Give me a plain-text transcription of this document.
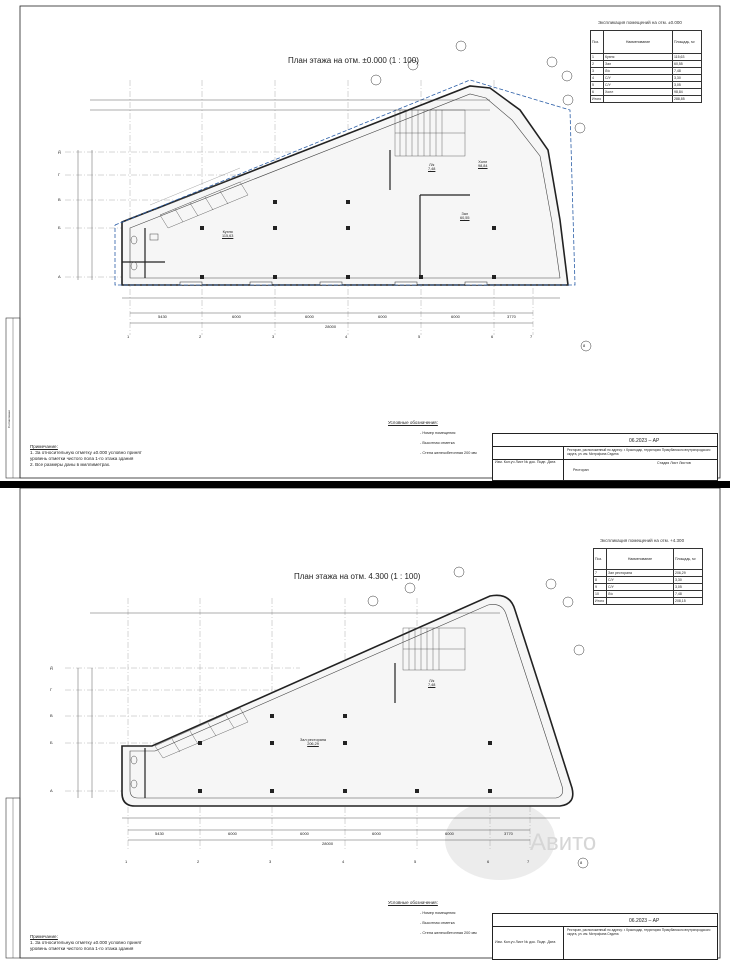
План этажа на отм. ±0.000 (1 : 100)
1	2	3	4	5	6	7
8
А
Б
В
Г
Д
5430	6000	6000	6000	6000	3770
28000
Кухня
115,63
Зал
60,55
Холл
98,84
Л/к
7,48
Экспликация помещений на отм. ±0.000
Поз.	Наименование	Площадь, м²
1	Кухня	115,63
2	Зал	60,55
3	Л/к	7,48
4	С/У	3,30
5	С/У	3,05
6	Холл	98,84
Итого		288,85
Примечание:
1. За относительную отметку ±0.000 условно принят
уровень отметки чистого пола 1-го этажа здания
2. Все размеры даны в миллиметрах.
Условные обозначения:
- Номер помещения
- Высотная отметка
- Стена железобетонная 200 мм
06.2023 – АР
Ресторан, расположенный по адресу: г. Краснодар, территория Прикубанского внутригородского округа, ул. им. Митрофана Седина
Ресторан
Изм. Кол.уч Лист № док. Подп. Дата	Стадия Лист Листов
Согласовано
Авито
План этажа на отм. 4.300 (1 : 100)
1	2	3	4	5	6	7	8
А
Б
В
Г
Д
5430	6000	6000	6000	6000	3770
28000
Зал ресторана
206,29
Л/к
7,48
Экспликация помещений на отм. +4.300
Поз.	Наименование	Площадь, м²
7	Зал ресторана	206,29
8	С/У	3,30
9	С/У	3,05
10	Л/к	7,48
Итого		208,15
Примечание:
1. За относительную отметку ±0.000 условно принят
уровень отметки чистого пола 1-го этажа здания
Условные обозначения:
- Номер помещения
- Высотная отметка
- Стена железобетонная 200 мм
06.2023 – АР
Ресторан, расположенный по адресу: г. Краснодар, территория Прикубанского внутригородского округа, ул. им. Митрофана Седина
Изм. Кол.уч Лист № док. Подп. Дата
